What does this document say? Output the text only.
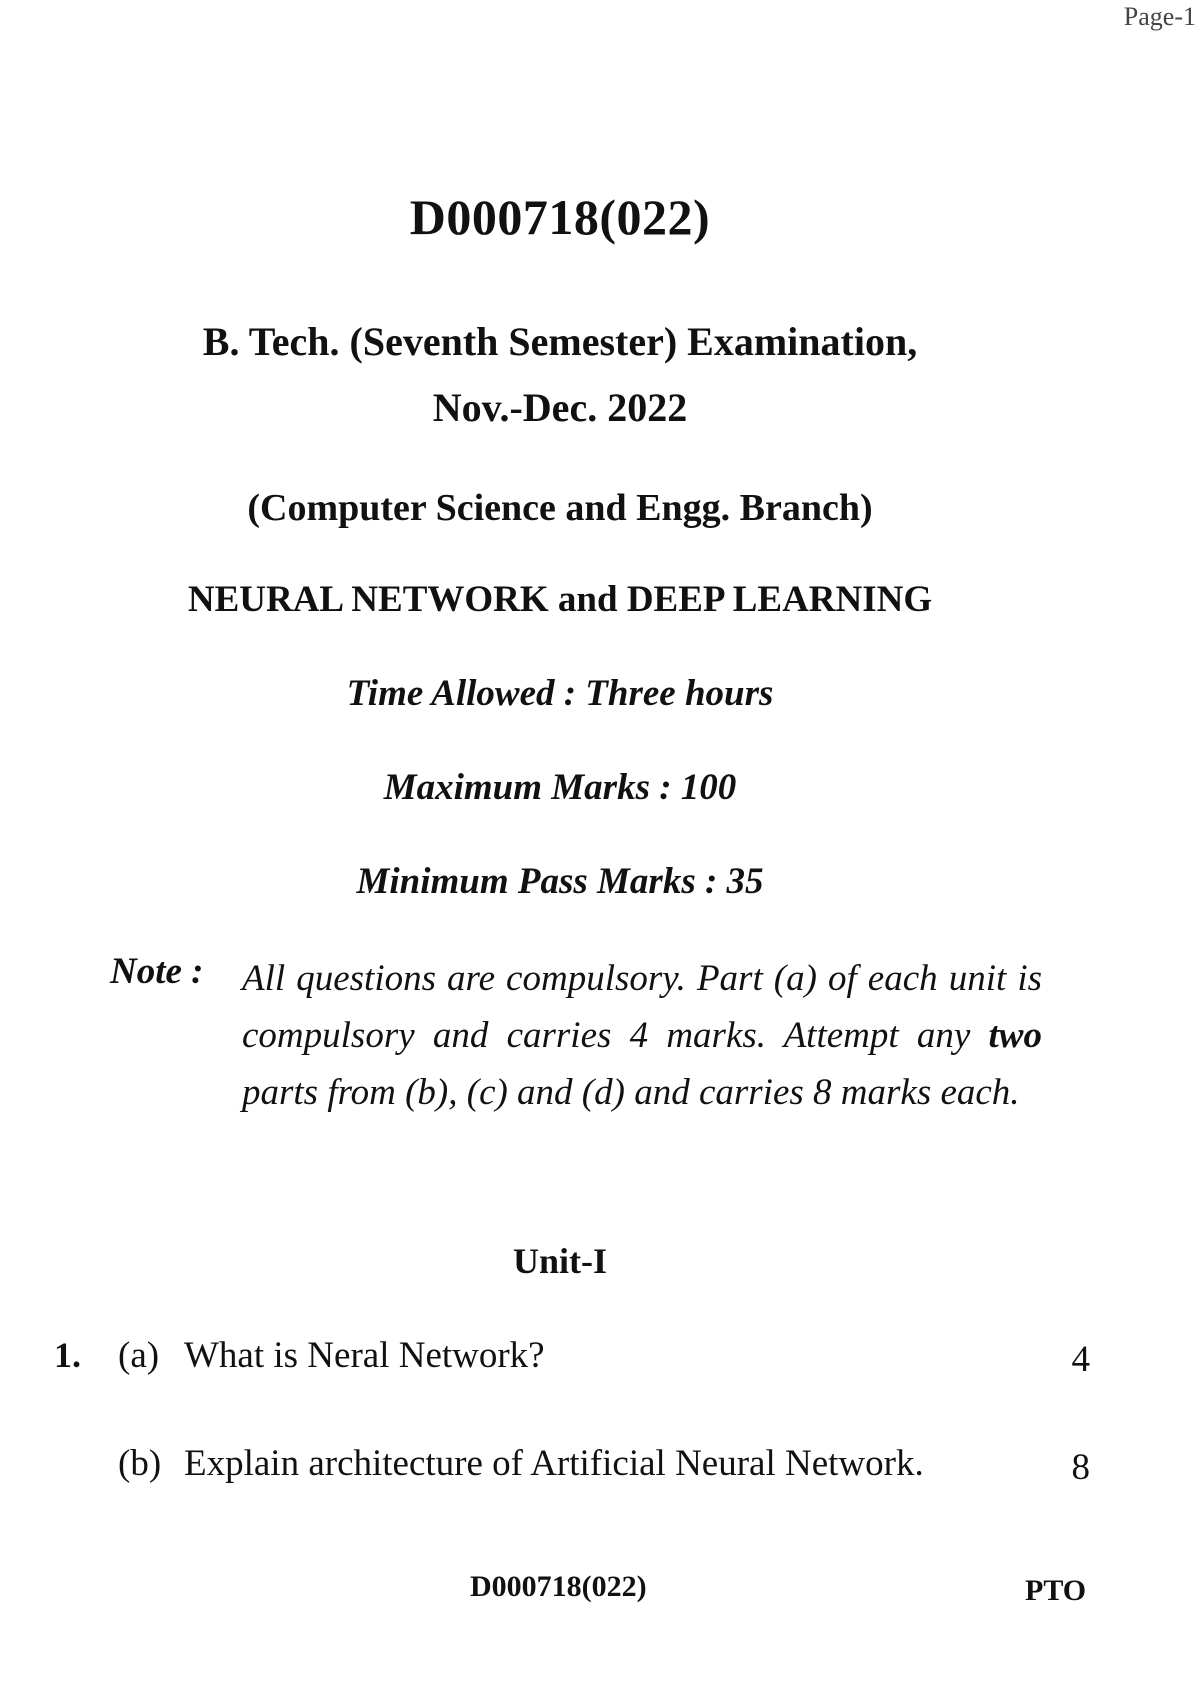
Page-1
D000718(022)
B. Tech. (Seventh Semester) Examination,
Nov.-Dec. 2022
(Computer Science and Engg. Branch)
NEURAL NETWORK and DEEP LEARNING
Time Allowed : Three hours
Maximum Marks : 100
Minimum Pass Marks : 35
Note : All questions are compulsory. Part (a) of each unit is compulsory and carries 4 marks. Attempt any two parts from (b), (c) and (d) and carries 8 marks each.
Unit-I
1. (a) What is Neral Network?	4
(b) Explain architecture of Artificial Neural Network.	8
D000718(022)	PTO
